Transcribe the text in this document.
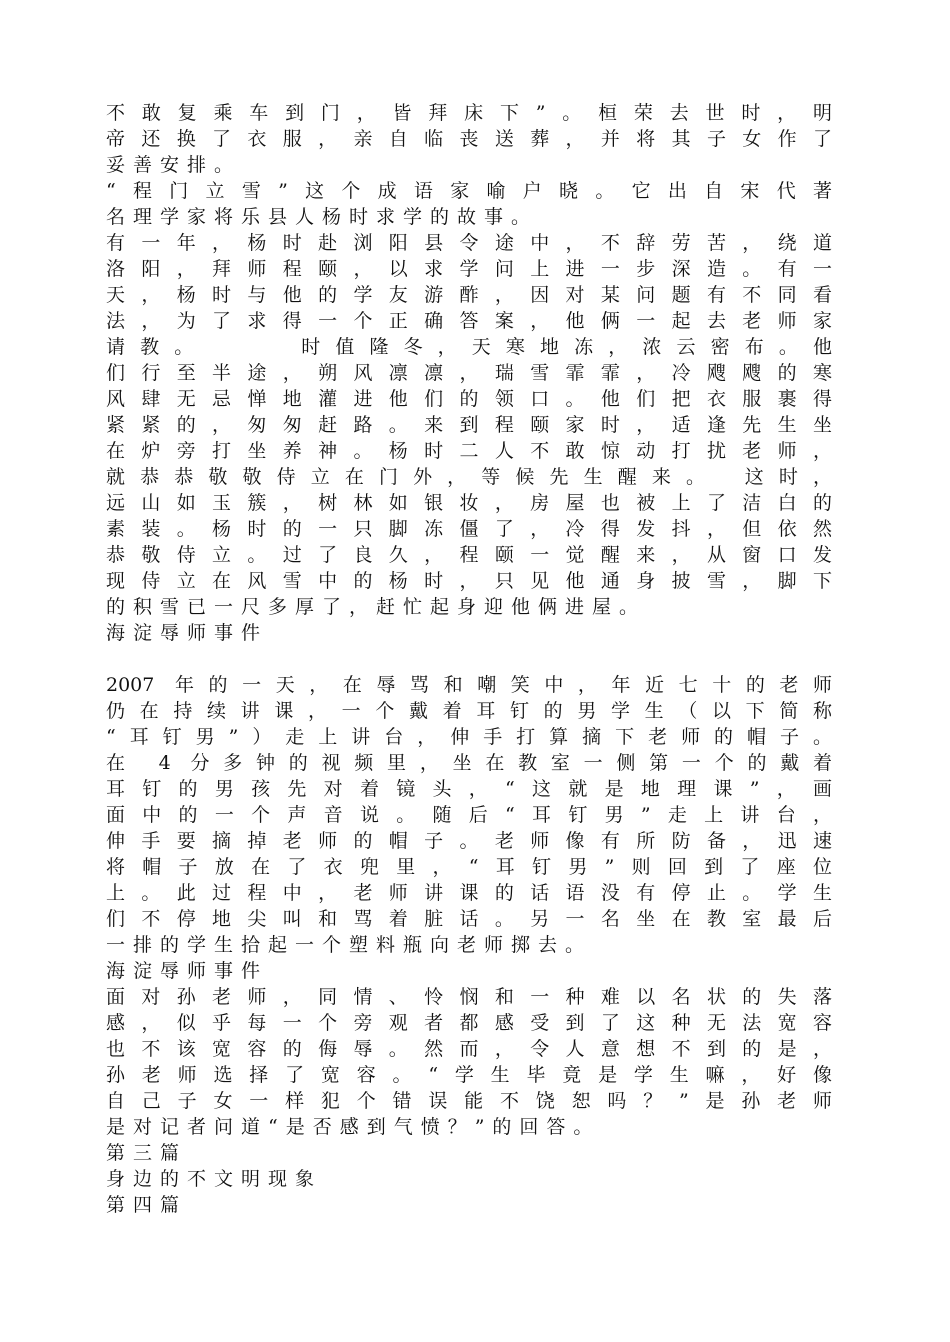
不敢复乘车到门，皆拜床下”。桓荣去世时，明
帝还换了衣服，亲自临丧送葬，并将其子女作了
妥善安排。
“程门立雪”这个成语家喻户晓。它出自宋代著
名理学家将乐县人杨时求学的故事。
有一年，杨时赴浏阳县令途中，不辞劳苦，绕道
洛阳，拜师程颐，以求学问上进一步深造。有一
天，杨时与他的学友游酢，因对某问题有不同看
法，为了求得一个正确答案，他俩一起去老师家
请教。　　　时值隆冬，天寒地冻，浓云密布。他
们行至半途，朔风凛凛，瑞雪霏霏，冷飕飕的寒
风肆无忌惮地灌进他们的领口。他们把衣服裹得
紧紧的，匆匆赶路。来到程颐家时，适逢先生坐
在炉旁打坐养神。杨时二人不敢惊动打扰老师，
就恭恭敬敬侍立在门外，等候先生醒来。　这时，
远山如玉簇，树林如银妆，房屋也被上了洁白的
素装。杨时的一只脚冻僵了，冷得发抖，但依然
恭敬侍立。过了良久，程颐一觉醒来，从窗口发
现侍立在风雪中的杨时，只见他通身披雪，脚下
的积雪已一尺多厚了，赶忙起身迎他俩进屋。
海淀辱师事件
2007 年的一天，在辱骂和嘲笑中，年近七十的老师
仍在持续讲课，一个戴着耳钉的男学生（以下简称
“耳钉男”）走上讲台，伸手打算摘下老师的帽子。
在 4 分多钟的视频里，坐在教室一侧第一个的戴着
耳钉的男孩先对着镜头，“这就是地理课”，画
面中的一个声音说。随后“耳钉男”走上讲台，
伸手要摘掉老师的帽子。老师像有所防备，迅速
将帽子放在了衣兜里，“耳钉男”则回到了座位
上。此过程中，老师讲课的话语没有停止。学生
们不停地尖叫和骂着脏话。另一名坐在教室最后
一排的学生拾起一个塑料瓶向老师掷去。
海淀辱师事件
面对孙老师，同情、怜悯和一种难以名状的失落
感，似乎每一个旁观者都感受到了这种无法宽容
也不该宽容的侮辱。然而，令人意想不到的是，
孙老师选择了宽容。“学生毕竟是学生嘛，好像
自己子女一样犯个错误能不饶恕吗？”是孙老师
是对记者问道“是否感到气愤？”的回答。
第三篇
身边的不文明现象
第四篇
